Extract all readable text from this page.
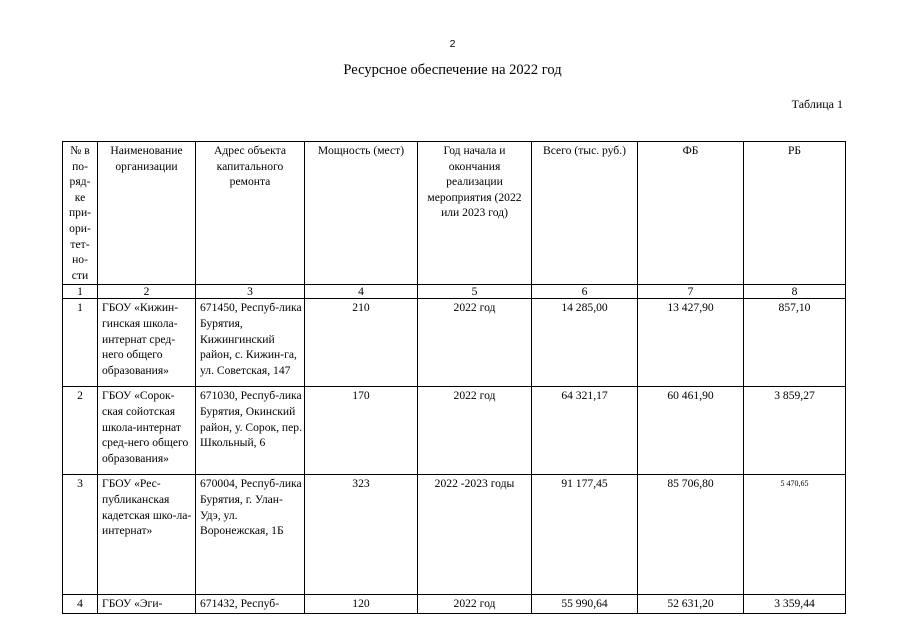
2
Ресурсное обеспечение на 2022 год
Таблица 1
№ в по-ряд-ке при-ори-тет-но-сти	Наименование организации	Адрес объекта капитального ремонта	Мощность (мест)	Год начала и окончания реализации мероприятия (2022 или 2023 год)	Всего (тыс. руб.)	ФБ	РБ
1	2	3	4	5	6	7	8
1	ГБОУ «Кижин-гинская школа-интернат сред-него общего образования»	671450, Респуб-лика Бурятия, Кижингинский район, с. Кижин-га, ул. Советская, 147	210	2022 год	14 285,00	13 427,90	857,10
2	ГБОУ «Сорок-ская сойотская школа-интернат сред-него общего образования»	671030, Респуб-лика Бурятия, Окинский район, у. Сорок, пер. Школьный, 6	170	2022 год	64 321,17	60 461,90	3 859,27
3	ГБОУ «Рес-публиканская кадетская шко-ла-интернат»	670004, Респуб-лика Бурятия, г. Улан-Удэ, ул. Воронежская, 1Б	323	2022 -2023 годы	91 177,45	85 706,80	5 470,65
4	ГБОУ «Эги-	671432, Респуб-	120	2022 год	55 990,64	52 631,20	3 359,44
